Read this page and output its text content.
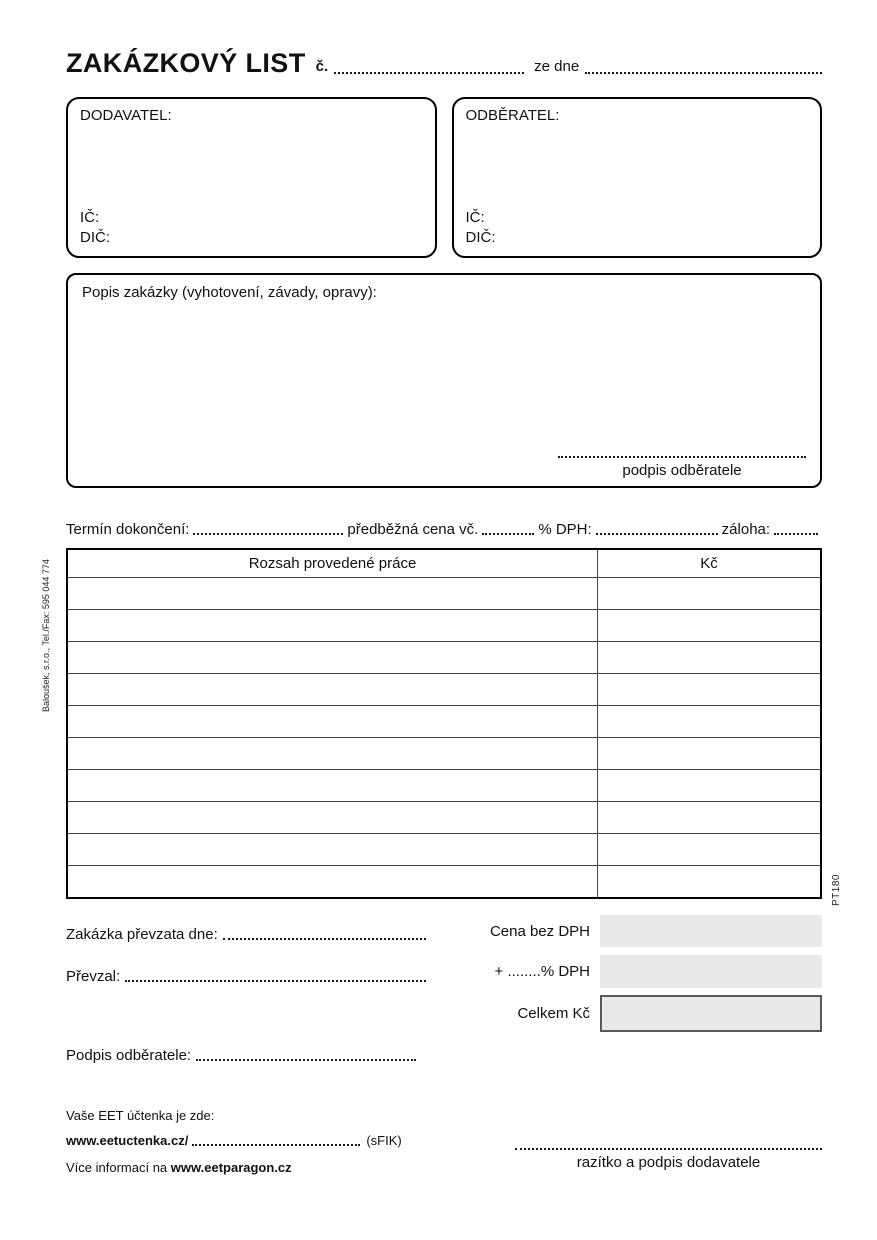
ZAKÁZKOVÝ LIST č.	ze dne
DODAVATEL:
IČ:
DIČ:
ODBĚRATEL:
IČ:
DIČ:
Popis zakázky (vyhotovení, závady, opravy):
podpis odběratele
Termín dokončení:	předběžná cena vč.	% DPH:	záloha:
Rozsah provedené práce	Kč

Baloušek, s.r.o., Tel./Fax: 595 044 774
PT180
Zakázka převzata dne:
Převzal:
Cena bez DPH
+ ........% DPH
Celkem Kč
Podpis odběratele:
Vaše EET účtenka je zde:
www.eetuctenka.cz/	(sFIK)
Více informací na www.eetparagon.cz	razítko a podpis dodavatele
